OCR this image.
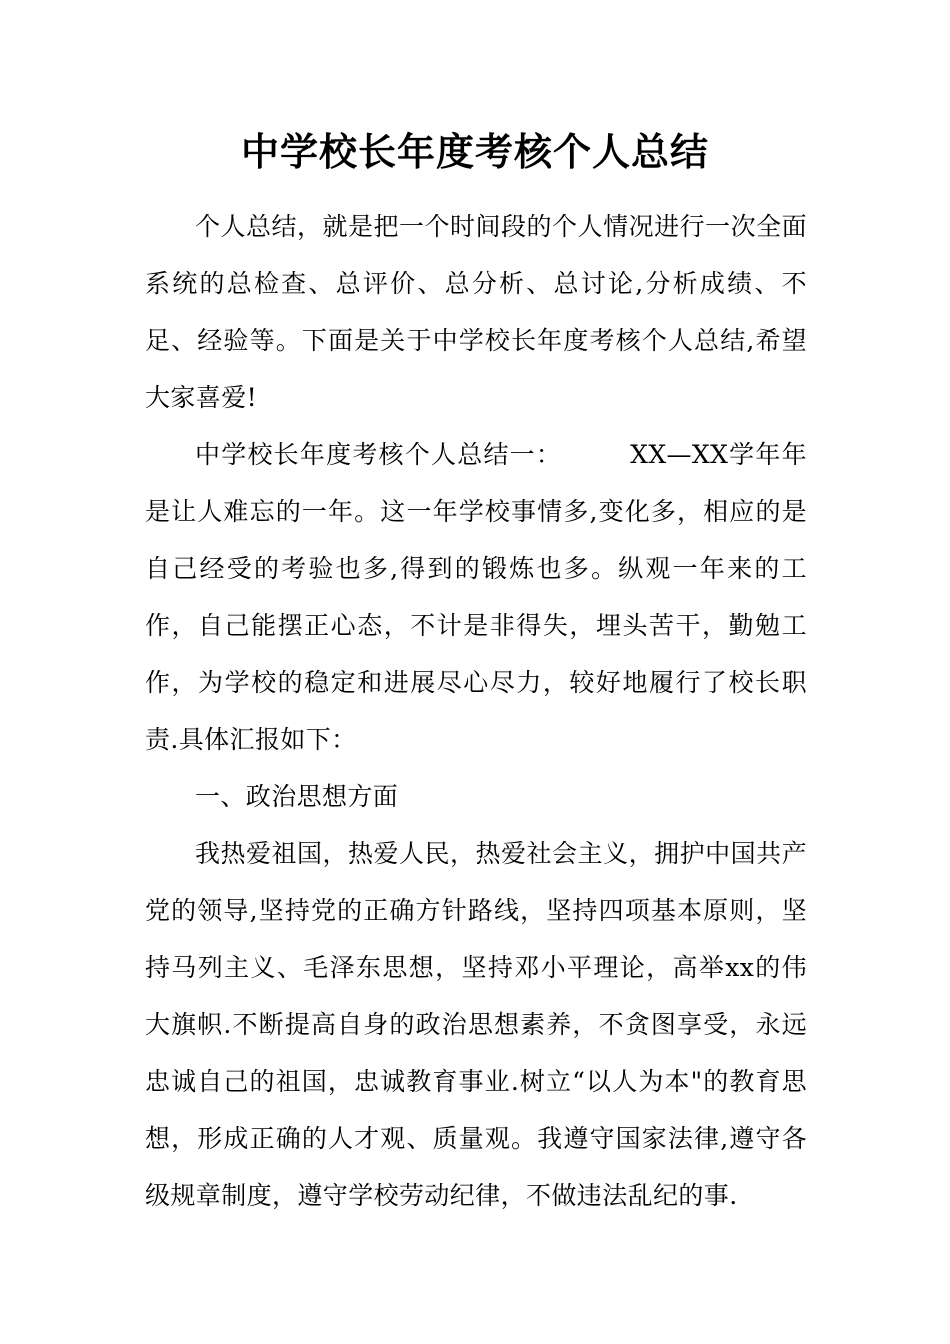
中学校长年度考核个人总结

个人总结，就是把一个时间段的个人情况进行一次全面系统的总检查、总评价、总分析、总讨论,分析成绩、不足、经验等。下面是关于中学校长年度考核个人总结,希望大家喜爱!

中学校长年度考核个人总结一：	XX—XX学年年是让人难忘的一年。这一年学校事情多,变化多，相应的是自己经受的考验也多,得到的锻炼也多。纵观一年来的工作，自己能摆正心态，不计是非得失，埋头苦干，勤勉工作，为学校的稳定和进展尽心尽力，较好地履行了校长职责.具体汇报如下：

一、政治思想方面

我热爱祖国，热爱人民，热爱社会主义，拥护中国共产党的领导,坚持党的正确方针路线，坚持四项基本原则，坚持马列主义、毛泽东思想，坚持邓小平理论，高举xx的伟大旗帜.不断提高自身的政治思想素养，不贪图享受，永远忠诚自己的祖国，忠诚教育事业.树立“以人为本"的教育思想，形成正确的人才观、质量观。我遵守国家法律,遵守各级规章制度，遵守学校劳动纪律，不做违法乱纪的事.
